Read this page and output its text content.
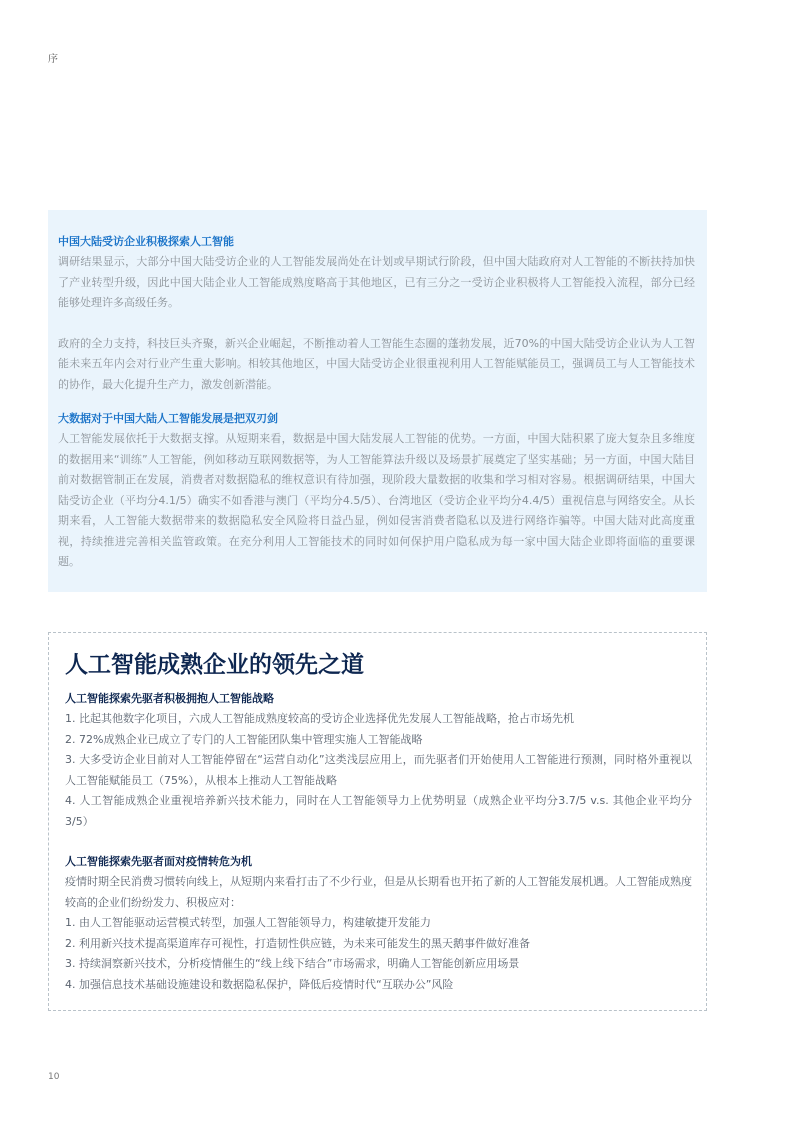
序
中国大陆受访企业积极探索人工智能

调研结果显示，大部分中国大陆受访企业的人工智能发展尚处在计划或早期试行阶段，但中国大陆政府对人工智能的不断扶持加快了产业转型升级，因此中国大陆企业人工智能成熟度略高于其他地区，已有三分之一受访企业积极将人工智能投入流程，部分已经能够处理许多高级任务。

政府的全力支持，科技巨头齐聚，新兴企业崛起，不断推动着人工智能生态圈的蓬勃发展，近70%的中国大陆受访企业认为人工智能未来五年内会对行业产生重大影响。相较其他地区，中国大陆受访企业很重视利用人工智能赋能员工，强调员工与人工智能技术的协作，最大化提升生产力，激发创新潜能。

大数据对于中国大陆人工智能发展是把双刃剑

人工智能发展依托于大数据支撑。从短期来看，数据是中国大陆发展人工智能的优势。一方面，中国大陆积累了庞大复杂且多维度的数据用来“训练”人工智能，例如移动互联网数据等，为人工智能算法升级以及场景扩展奠定了坚实基础；另一方面，中国大陆目前对数据管制正在发展，消费者对数据隐私的维权意识有待加强，现阶段大量数据的收集和学习相对容易。根据调研结果，中国大陆受访企业（平均分4.1/5）确实不如香港与澳门（平均分4.5/5）、台湾地区（受访企业平均分4.4/5）重视信息与网络安全。从长期来看，人工智能大数据带来的数据隐私安全风险将日益凸显，例如侵害消费者隐私以及进行网络诈骗等。中国大陆对此高度重视，持续推进完善相关监管政策。在充分利用人工智能技术的同时如何保护用户隐私成为每一家中国大陆企业即将面临的重要课题。

人工智能成熟企业的领先之道
人工智能探索先驱者积极拥抱人工智能战略

1. 比起其他数字化项目，六成人工智能成熟度较高的受访企业选择优先发展人工智能战略，抢占市场先机

2. 72%成熟企业已成立了专门的人工智能团队集中管理实施人工智能战略

3. 大多受访企业目前对人工智能停留在“运营自动化”这类浅层应用上，而先驱者们开始使用人工智能进行预测，同时格外重视以人工智能赋能员工（75%），从根本上推动人工智能战略

4. 人工智能成熟企业重视培养新兴技术能力，同时在人工智能领导力上优势明显（成熟企业平均分3.7/5 v.s. 其他企业平均分3/5）

人工智能探索先驱者面对疫情转危为机

疫情时期全民消费习惯转向线上，从短期内来看打击了不少行业，但是从长期看也开拓了新的人工智能发展机遇。人工智能成熟度较高的企业们纷纷发力、积极应对：

1. 由人工智能驱动运营模式转型，加强人工智能领导力，构建敏捷开发能力

2. 利用新兴技术提高渠道库存可视性，打造韧性供应链，为未来可能发生的黑天鹅事件做好准备

3. 持续洞察新兴技术，分析疫情催生的“线上线下结合”市场需求，明确人工智能创新应用场景

4. 加强信息技术基础设施建设和数据隐私保护，降低后疫情时代“互联办公”风险

10
